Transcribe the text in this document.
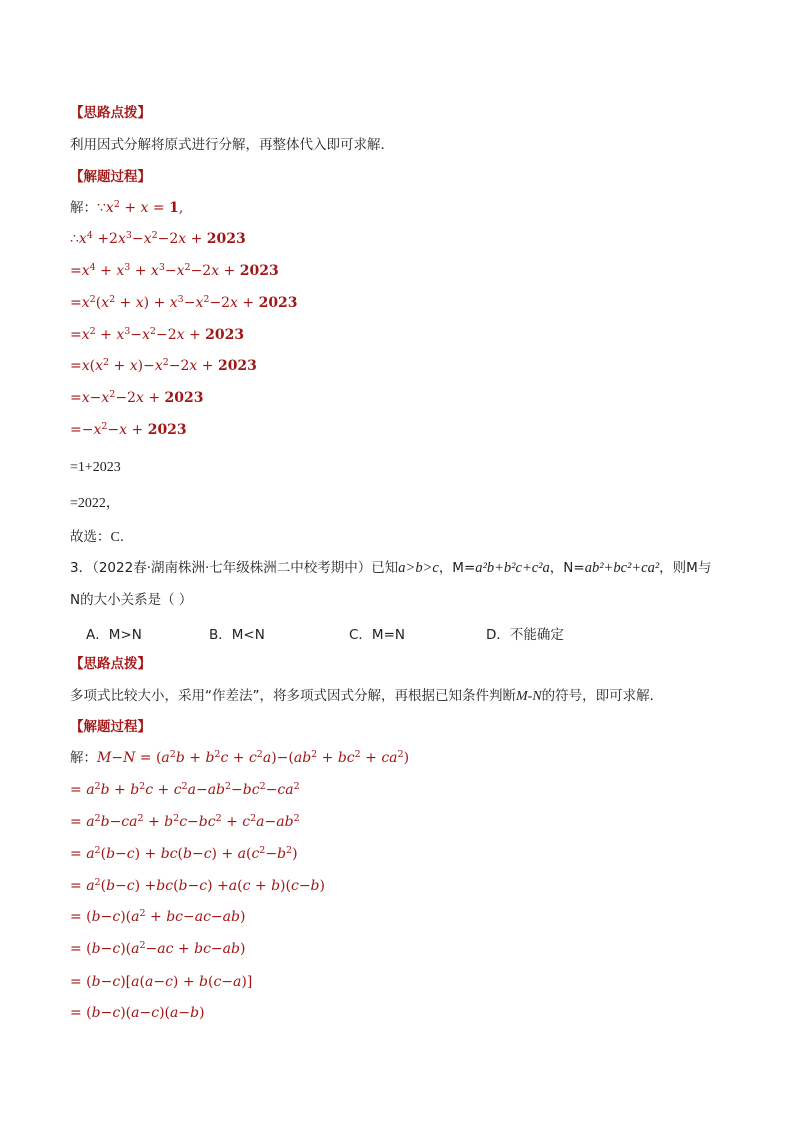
【思路点拨】
利用因式分解将原式进行分解，再整体代入即可求解．
【解题过程】
解：$\because x^2 + x = 1$,
$\therefore x^4 +2x^3-x^2-2x + 2023$
$=x^4 + x^3 + x^3-x^2-2x + 2023$
$=x^2(x^2 + x) + x^3-x^2-2x + 2023$
$=x^2 + x^3-x^2-2x + 2023$
$=x(x^2 + x)-x^2-2x + 2023$
$=x-x^2-2x + 2023$
$=-x^2-x + 2023$
=1+2023
=2022，
故选：C．
3．（2022春·湖南株洲·七年级株洲二中校考期中）已知a>b>c，M=a²b+b²c+c²a，N=ab²+bc²+ca²，则M与
N的大小关系是（ ）
A．M>N	B．M<N	C．M=N	D．不能确定
【思路点拨】
多项式比较大小，采用“作差法”，将多项式因式分解，再根据已知条件判断M-N的符号，即可求解．
【解题过程】
解：$M-N = (a^2b + b^2c + c^2a)-(ab^2 + bc^2 + ca^2)$
= $a^2b + b^2c + c^2a-ab^2-bc^2-ca^2$
= $a^2b-ca^2 + b^2c-bc^2 + c^2a-ab^2$
= $a^2(b-c) + bc(b-c) + a(c^2-b^2)$
= $a^2(b-c) +bc(b-c) +a(c + b)(c-b)$
= $(b-c)(a^2 + bc-ac-ab)$
= $(b-c)(a^2-ac + bc-ab)$
= (b−c)[a(a−c) + b(c−a)]
= (b−c)(a−c)(a−b)
